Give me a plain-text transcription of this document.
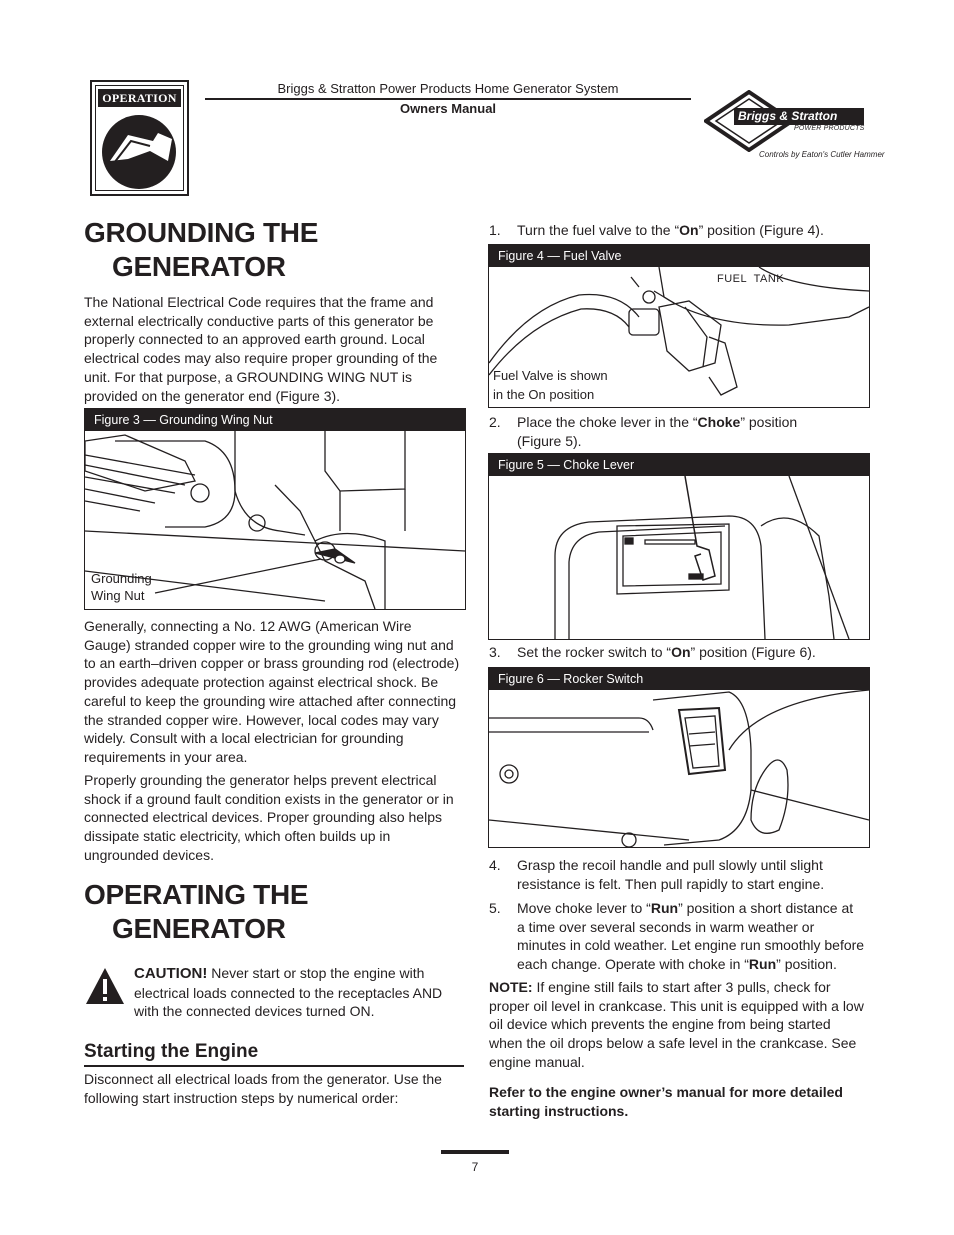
OPERATION
Briggs & Stratton Power Products Home Generator System
Owners Manual	Briggs & Stratton
POWER PRODUCTS
Controls by Eaton's Cutler Hammer
GROUNDING THE
GENERATOR

The National Electrical Code requires that the frame and external electrically conductive parts of this generator be properly connected to an approved earth ground. Local electrical codes may also require proper grounding of the unit. For that purpose, a GROUNDING WING NUT is provided on the generator end (Figure 3).

Figure 3 — Grounding Wing Nut
Grounding
Wing Nut

Generally, connecting a No. 12 AWG (American Wire Gauge) stranded copper wire to the grounding wing nut and to an earth–driven copper or brass grounding rod (electrode) provides adequate protection against electrical shock. Be careful to keep the grounding wire attached after connecting the stranded copper wire. However, local codes may vary widely. Consult with a local electrician for grounding requirements in your area.

Properly grounding the generator helps prevent electrical shock if a ground fault condition exists in the generator or in connected electrical devices. Proper grounding also helps dissipate static electricity, which often builds up in ungrounded devices.

OPERATING THE
GENERATOR

CAUTION! Never start or stop the engine with electrical loads connected to the receptacles AND with the connected devices turned ON.

Starting the Engine

Disconnect all electrical loads from the generator. Use the following start instruction steps by numerical order:

1. Turn the fuel valve to the “On” position (Figure 4).
Figure 4 — Fuel Valve
FUEL  TANK
Fuel Valve is shown
in the On position
2. Place the choke lever in the “Choke” position
(Figure 5).
Figure 5 — Choke Lever
3. Set the rocker switch to “On” position (Figure 6).
Figure 6 — Rocker Switch
4. Grasp the recoil handle and pull slowly until slight
resistance is felt. Then pull rapidly to start engine.
5. Move choke lever to “Run” position a short distance at
a time over several seconds in warm weather or
minutes in cold weather. Let engine run smoothly before
each change. Operate with choke in “Run” position.

NOTE: If engine still fails to start after 3 pulls, check for proper oil level in crankcase. This unit is equipped with a low oil device which prevents the engine from being started when the oil drops below a safe level in the crankcase. See engine manual.

Refer to the engine owner’s manual for more detailed starting instructions.

7
